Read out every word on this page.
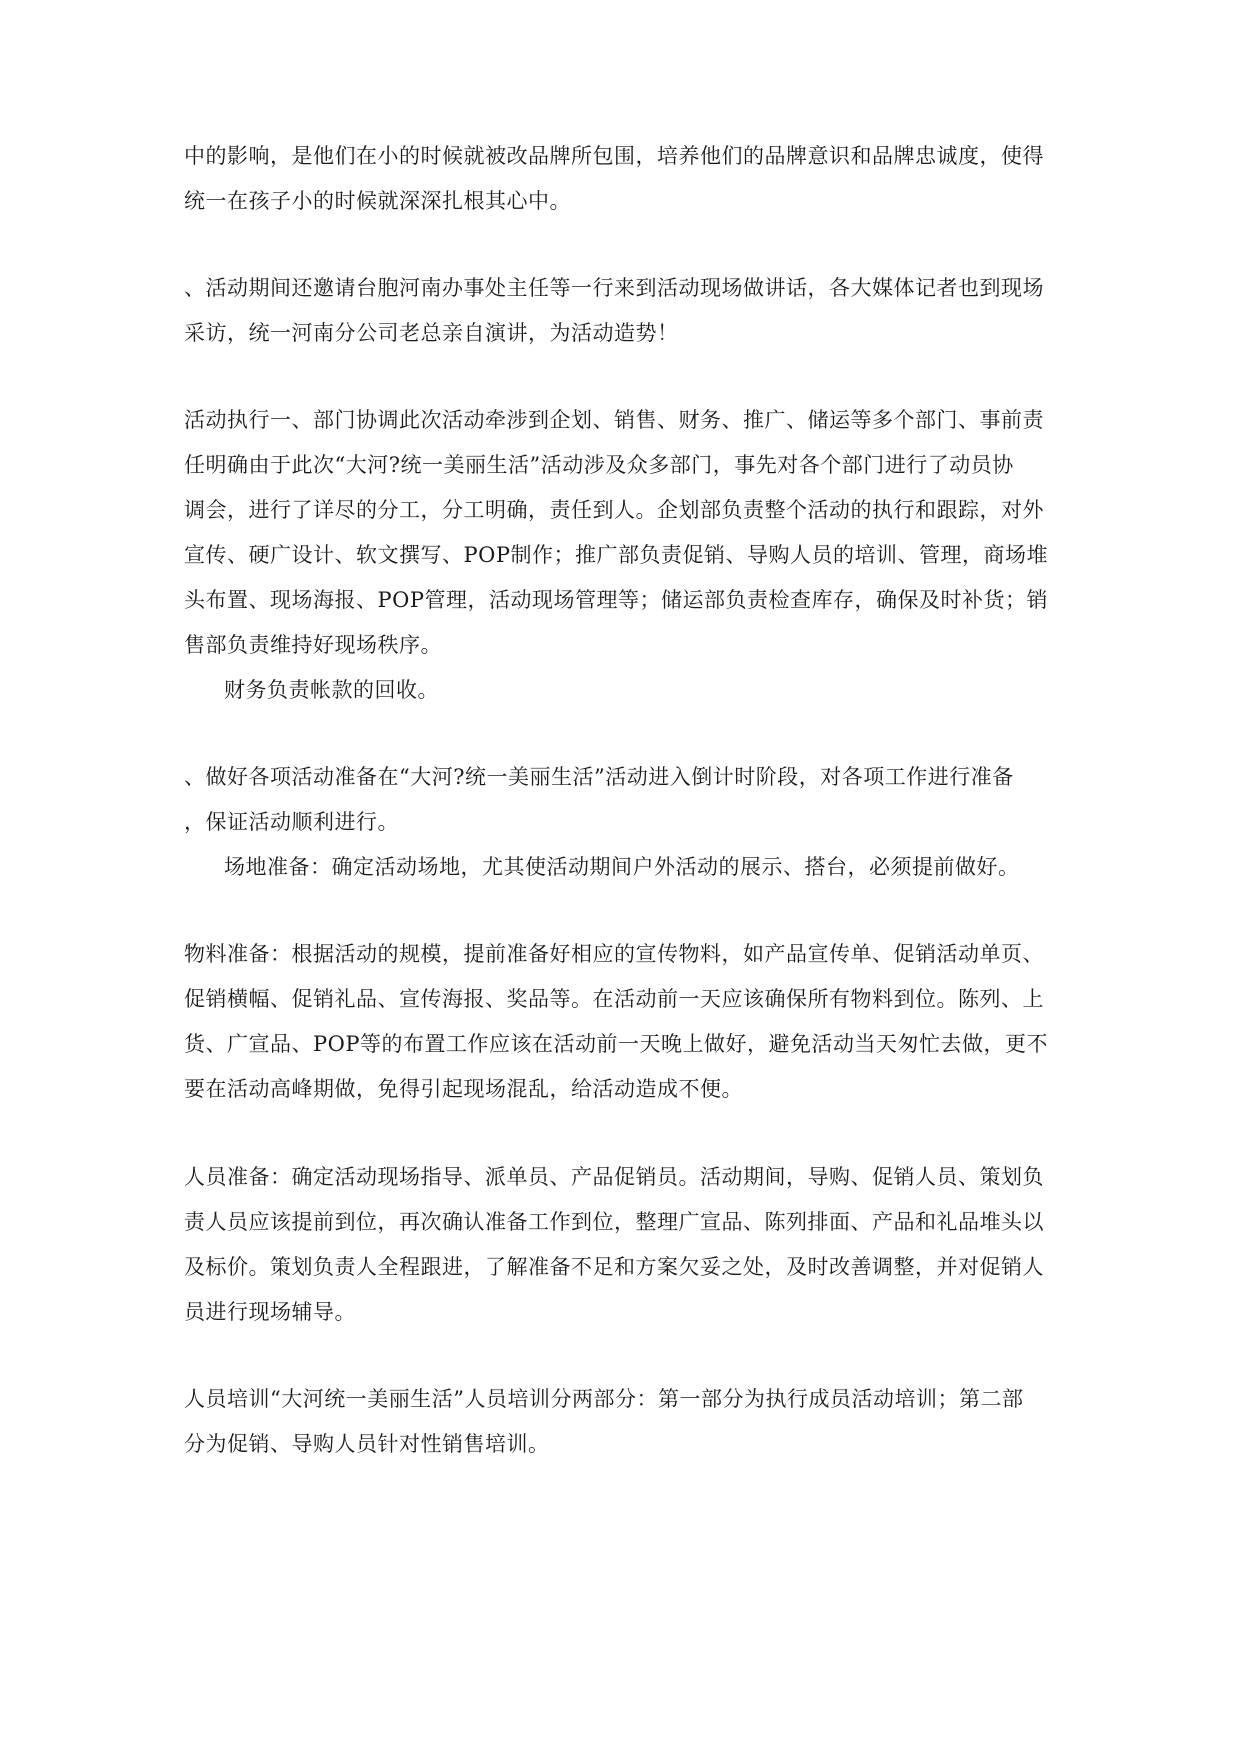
中的影响，是他们在小的时候就被改品牌所包围，培养他们的品牌意识和品牌忠诚度，使得
统一在孩子小的时候就深深扎根其心中。
、活动期间还邀请台胞河南办事处主任等一行来到活动现场做讲话，各大媒体记者也到现场
采访，统一河南分公司老总亲自演讲，为活动造势！
活动执行一、部门协调此次活动牵涉到企划、销售、财务、推广、储运等多个部门、事前责
任明确由于此次“大河?统一美丽生活”活动涉及众多部门，事先对各个部门进行了动员协
调会，进行了详尽的分工，分工明确，责任到人。企划部负责整个活动的执行和跟踪，对外
宣传、硬广设计、软文撰写、POP制作；推广部负责促销、导购人员的培训、管理，商场堆
头布置、现场海报、POP管理，活动现场管理等；储运部负责检查库存，确保及时补货；销
售部负责维持好现场秩序。
财务负责帐款的回收。
、做好各项活动准备在“大河?统一美丽生活”活动进入倒计时阶段，对各项工作进行准备
，保证活动顺利进行。
场地准备：确定活动场地，尤其使活动期间户外活动的展示、搭台，必须提前做好。
物料准备：根据活动的规模，提前准备好相应的宣传物料，如产品宣传单、促销活动单页、
促销横幅、促销礼品、宣传海报、奖品等。在活动前一天应该确保所有物料到位。陈列、上
货、广宣品、POP等的布置工作应该在活动前一天晚上做好，避免活动当天匆忙去做，更不
要在活动高峰期做，免得引起现场混乱，给活动造成不便。
人员准备：确定活动现场指导、派单员、产品促销员。活动期间，导购、促销人员、策划负
责人员应该提前到位，再次确认准备工作到位，整理广宣品、陈列排面、产品和礼品堆头以
及标价。策划负责人全程跟进，了解准备不足和方案欠妥之处，及时改善调整，并对促销人
员进行现场辅导。
人员培训“大河统一美丽生活”人员培训分两部分：第一部分为执行成员活动培训；第二部
分为促销、导购人员针对性销售培训。
